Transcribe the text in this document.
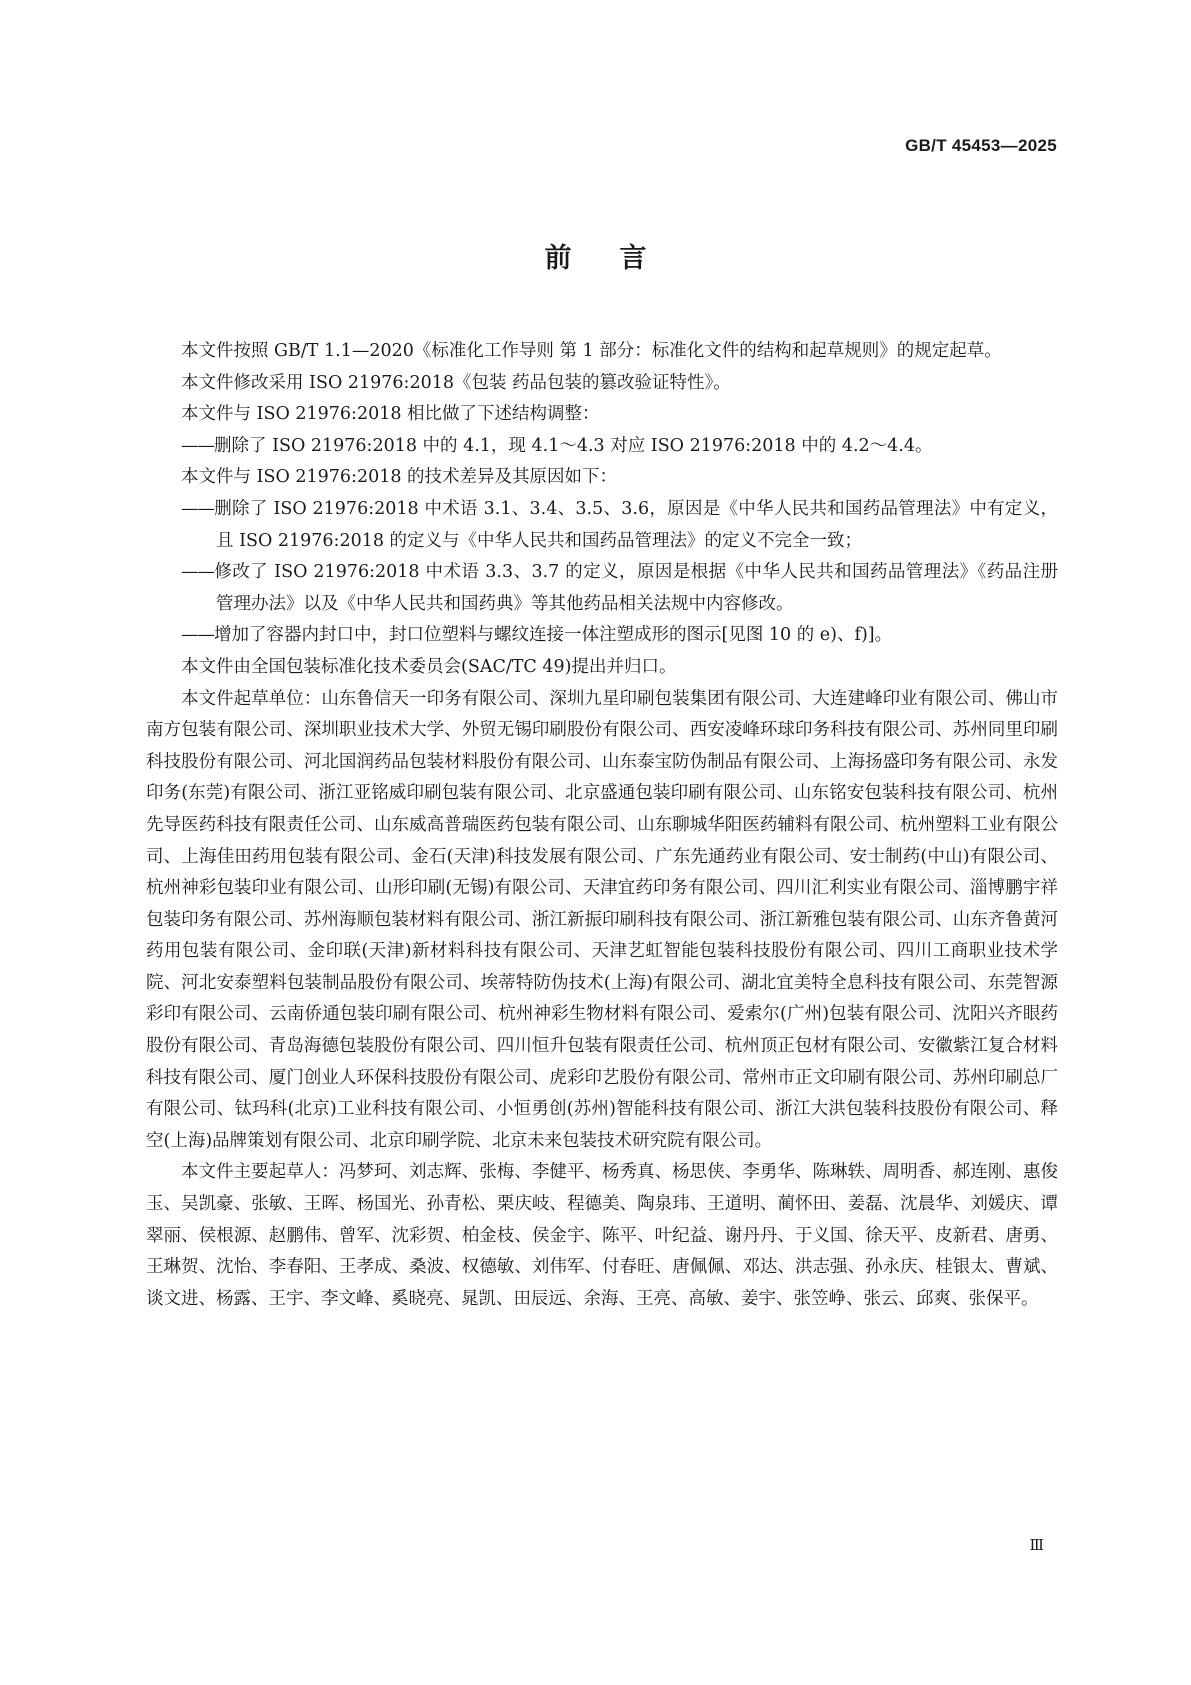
GB/T 45453—2025
前言

本文件按照 GB/T 1.1—2020《标准化工作导则 第 1 部分：标准化文件的结构和起草规则》的规定起草。

本文件修改采用 ISO 21976:2018《包装 药品包装的篡改验证特性》。

本文件与 ISO 21976:2018 相比做了下述结构调整：

——删除了 ISO 21976:2018 中的 4.1，现 4.1～4.3 对应 ISO 21976:2018 中的 4.2～4.4。

本文件与 ISO 21976:2018 的技术差异及其原因如下：

——删除了 ISO 21976:2018 中术语 3.1、3.4、3.5、3.6，原因是《中华人民共和国药品管理法》中有定义，且 ISO 21976:2018 的定义与《中华人民共和国药品管理法》的定义不完全一致；

——修改了 ISO 21976:2018 中术语 3.3、3.7 的定义，原因是根据《中华人民共和国药品管理法》《药品注册管理办法》以及《中华人民共和国药典》等其他药品相关法规中内容修改。

——增加了容器内封口中，封口位塑料与螺纹连接一体注塑成形的图示[见图 10 的 e)、f)]。

本文件由全国包装标准化技术委员会(SAC/TC 49)提出并归口。

本文件起草单位：山东鲁信天一印务有限公司、深圳九星印刷包装集团有限公司、大连建峰印业有限公司、佛山市南方包装有限公司、深圳职业技术大学、外贸无锡印刷股份有限公司、西安凌峰环球印务科技有限公司、苏州同里印刷科技股份有限公司、河北国润药品包装材料股份有限公司、山东泰宝防伪制品有限公司、上海扬盛印务有限公司、永发印务(东莞)有限公司、浙江亚铭威印刷包装有限公司、北京盛通包装印刷有限公司、山东铭安包装科技有限公司、杭州先导医药科技有限责任公司、山东威高普瑞医药包装有限公司、山东聊城华阳医药辅料有限公司、杭州塑料工业有限公司、上海佳田药用包装有限公司、金石(天津)科技发展有限公司、广东先通药业有限公司、安士制药(中山)有限公司、杭州神彩包装印业有限公司、山形印刷(无锡)有限公司、天津宜药印务有限公司、四川汇利实业有限公司、淄博鹏宇祥包装印务有限公司、苏州海顺包装材料有限公司、浙江新振印刷科技有限公司、浙江新雅包装有限公司、山东齐鲁黄河药用包装有限公司、金印联(天津)新材料科技有限公司、天津艺虹智能包装科技股份有限公司、四川工商职业技术学院、河北安泰塑料包装制品股份有限公司、埃蒂特防伪技术(上海)有限公司、湖北宜美特全息科技有限公司、东莞智源彩印有限公司、云南侨通包装印刷有限公司、杭州神彩生物材料有限公司、爱索尔(广州)包装有限公司、沈阳兴齐眼药股份有限公司、青岛海德包装股份有限公司、四川恒升包装有限责任公司、杭州顶正包材有限公司、安徽紫江复合材料科技有限公司、厦门创业人环保科技股份有限公司、虎彩印艺股份有限公司、常州市正文印刷有限公司、苏州印刷总厂有限公司、钛玛科(北京)工业科技有限公司、小恒勇创(苏州)智能科技有限公司、浙江大洪包装科技股份有限公司、释空(上海)品牌策划有限公司、北京印刷学院、北京未来包装技术研究院有限公司。

本文件主要起草人：冯梦珂、刘志辉、张梅、李健平、杨秀真、杨思侠、李勇华、陈琳轶、周明香、郝连刚、惠俊玉、吴凯豪、张敏、王晖、杨国光、孙青松、栗庆岐、程德美、陶泉玮、王道明、蔺怀田、姜磊、沈晨华、刘媛庆、谭翠丽、侯根源、赵鹏伟、曾军、沈彩贺、柏金枝、侯金宇、陈平、叶纪益、谢丹丹、于义国、徐天平、皮新君、唐勇、王琳贺、沈怡、李春阳、王孝成、桑波、权德敏、刘伟军、付春旺、唐佩佩、邓达、洪志强、孙永庆、桂银太、曹斌、谈文进、杨露、王宇、李文峰、奚晓亮、晁凯、田辰远、余海、王亮、高敏、姜宇、张笠峥、张云、邱爽、张保平。

Ⅲ
